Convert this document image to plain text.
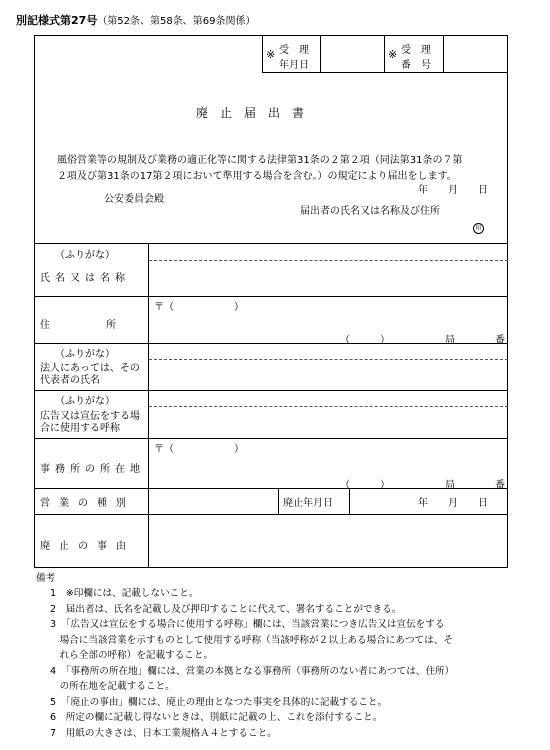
別記様式第27号（第52条、第58条、第69条関係）
※ 受　理
年月日
※ 受　理
番　号
廃止届出書
風俗営業等の規制及び業務の適正化等に関する法律第31条の２第２項（同法第31条の７第
２項及び第31条の17第２項において準用する場合を含む。）の規定により届出をします。
年　　月　　日
公安委員会殿
届出者の氏名又は名称及び住所
印
（ふりがな）
氏名又は名称
〒（　　　　　　）
住　　　　　所
（　　　）　　　　　　局　　　　番
（ふりがな）
法人にあっては、その代表者の氏名
（ふりがな）
広告又は宣伝をする場合に使用する呼称
〒（　　　　　　）
事務所の所在地
（　　　）　　　　　　局　　　　番
営業の種別	廃止年月日	年　　月　　日
廃止の事由
備考
1　※印欄には、記載しないこと。
2　届出者は、氏名を記載し及び押印することに代えて、署名することができる。
3　「広告又は宣伝をする場合に使用する呼称」欄には、当該営業につき広告又は宣伝をする
　場合に当該営業を示すものとして使用する呼称（当該呼称が２以上ある場合にあつては、そ
　れら全部の呼称）を記載すること。
4　「事務所の所在地」欄には、営業の本拠となる事務所（事務所のない者にあつては、住所）
　の所在地を記載すること。
5　「廃止の事由」欄には、廃止の理由となつた事実を具体的に記載すること。
6　所定の欄に記載し得ないときは、別紙に記載の上、これを添付すること。
7　用紙の大きさは、日本工業規格Ａ４とすること。
